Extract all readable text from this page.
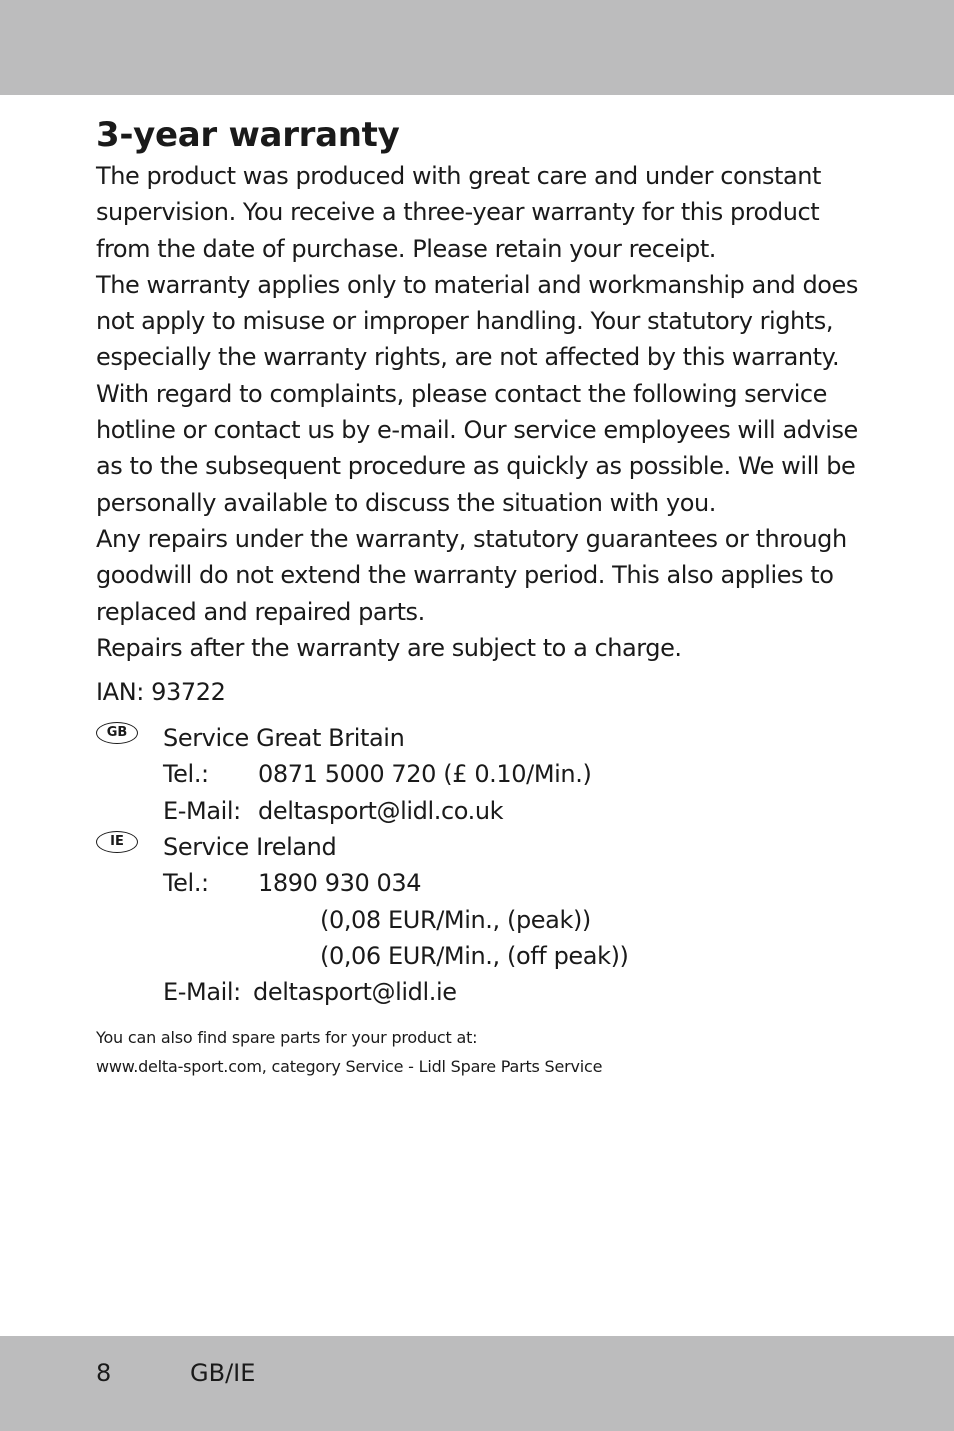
3-year warranty

The product was produced with great care and under constant supervision. You receive a three-year warranty for this product from the date of purchase. Please retain your receipt.

The warranty applies only to material and workmanship and does not apply to misuse or improper handling. Your statutory rights, especially the warranty rights, are not affected by this warranty.

With regard to complaints, please contact the following service hotline or contact us by e-mail. Our service employees will advise as to the subsequent procedure as quickly as possible. We will be personally available to discuss the situation with you.

Any repairs under the warranty, statutory guarantees or through goodwill do not extend the warranty period. This also applies to replaced and repaired parts.

Repairs after the warranty are subject to a charge.

IAN: 93722

GB	Service Great Britain
Tel.:	0871 5000 720 (£ 0.10/Min.)
E-Mail: deltasport@lidl.co.uk
IE	Service Ireland
Tel.:	1890 930 034
(0,08 EUR/Min., (peak))
(0,06 EUR/Min., (off peak))
E-Mail: deltasport@lidl.ie
You can also find spare parts for your product at:
www.delta-sport.com, category Service - Lidl Spare Parts Service
8	GB/IE
